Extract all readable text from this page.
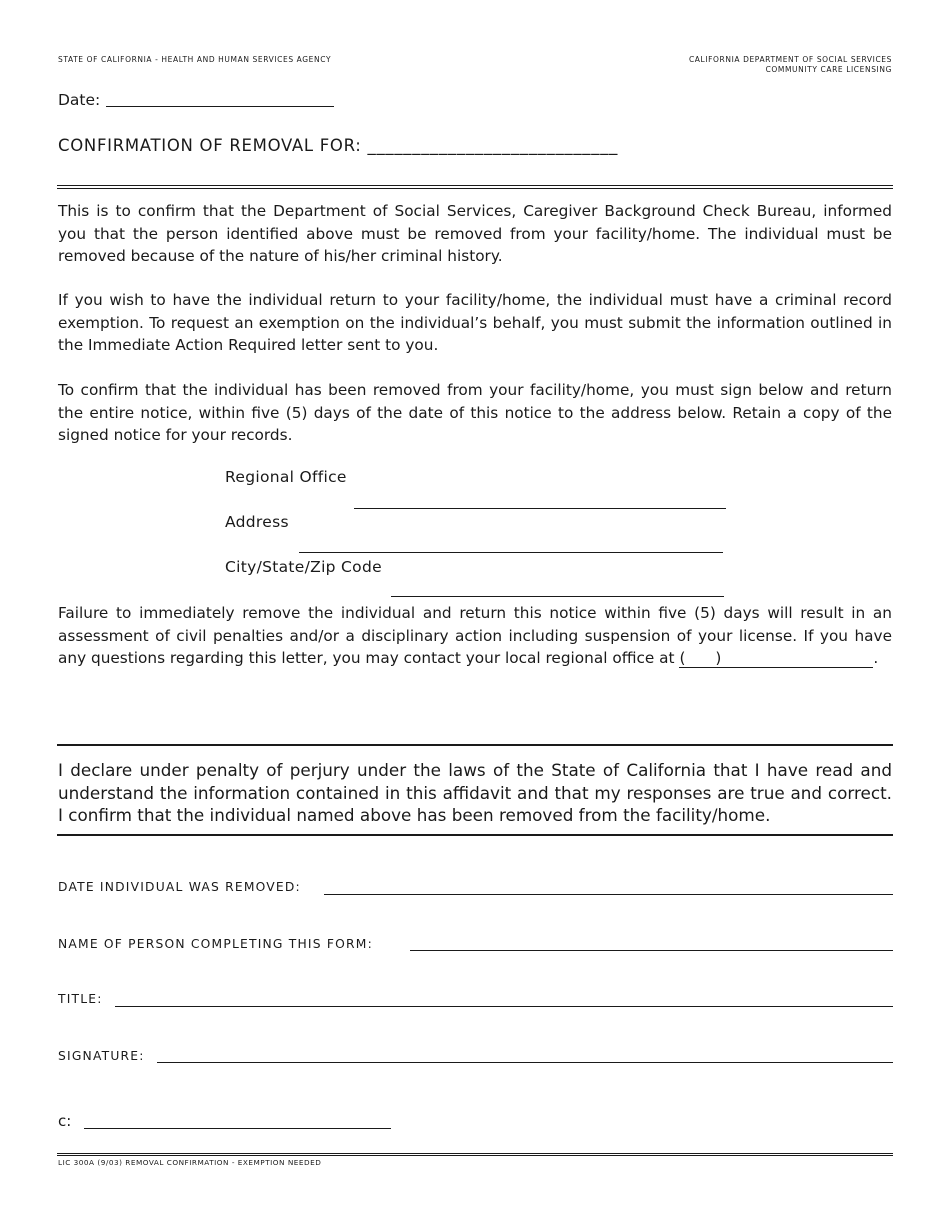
STATE OF CALIFORNIA - HEALTH AND HUMAN SERVICES AGENCY	CALIFORNIA DEPARTMENT OF SOCIAL SERVICES
COMMUNITY CARE LICENSING
Date:
CONFIRMATION OF REMOVAL FOR: ____________________________

This is to confirm that the Department of Social Services, Caregiver Background Check Bureau, informed you that the person identified above must be removed from your facility/home. The individual must be removed because of the nature of his/her criminal history.

If you wish to have the individual return to your facility/home, the individual must have a criminal record exemption. To request an exemption on the individual’s behalf, you must submit the information outlined in the Immediate Action Required letter sent to you.

To confirm that the individual has been removed from your facility/home, you must sign below and return the entire notice, within five (5) days of the date of this notice to the address below. Retain a copy of the signed notice for your records.

Regional Office
Address
City/State/Zip Code

Failure to immediately remove the individual and return this notice within five (5) days will result in an assessment of civil penalties and/or a disciplinary action including suspension of your license. If you have any questions regarding this letter, you may contact your local regional office at ( )	.

I declare under penalty of perjury under the laws of the State of California that I have read and understand the information contained in this affidavit and that my responses are true and correct. I confirm that the individual named above has been removed from the facility/home.

DATE INDIVIDUAL WAS REMOVED:
NAME OF PERSON COMPLETING THIS FORM:
TITLE:
SIGNATURE:
c:
LIC 300A (9/03) REMOVAL CONFIRMATION - EXEMPTION NEEDED
